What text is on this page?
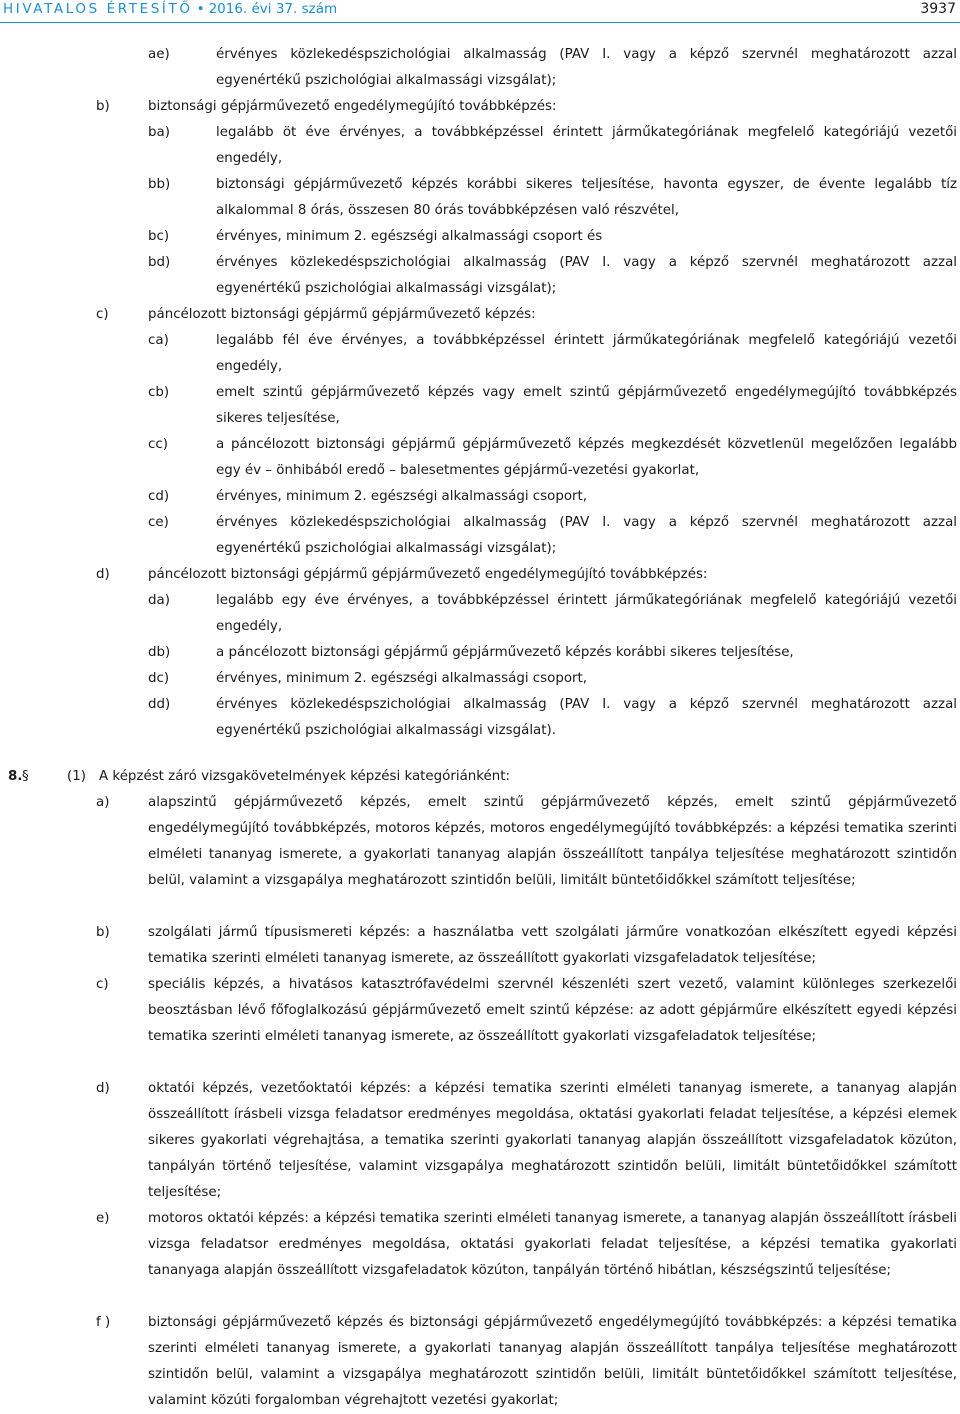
HIVATALOS ÉRTESÍTŐ • 2016. évi 37. szám	3937
ae)	érvényes közlekedéspszichológiai alkalmasság (PAV I. vagy a képző szervnél meghatározott azzal egyenértékű pszichológiai alkalmassági vizsgálat);

b)	biztonsági gépjárművezető engedélymegújító továbbképzés:

ba)	legalább öt éve érvényes, a továbbképzéssel érintett járműkategóriának megfelelő kategóriájú vezetői engedély,

bb)	biztonsági gépjárművezető képzés korábbi sikeres teljesítése, havonta egyszer, de évente legalább tíz alkalommal 8 órás, összesen 80 órás továbbképzésen való részvétel,

bc)	érvényes, minimum 2. egészségi alkalmassági csoport és

bd)	érvényes közlekedéspszichológiai alkalmasság (PAV I. vagy a képző szervnél meghatározott azzal egyenértékű pszichológiai alkalmassági vizsgálat);

c)	páncélozott biztonsági gépjármű gépjárművezető képzés:

ca)	legalább fél éve érvényes, a továbbképzéssel érintett járműkategóriának megfelelő kategóriájú vezetői engedély,

cb)	emelt szintű gépjárművezető képzés vagy emelt szintű gépjárművezető engedélymegújító továbbképzés sikeres teljesítése,

cc)	a páncélozott biztonsági gépjármű gépjárművezető képzés megkezdését közvetlenül megelőzően legalább egy év – önhibából eredő – balesetmentes gépjármű-vezetési gyakorlat,

cd)	érvényes, minimum 2. egészségi alkalmassági csoport,

ce)	érvényes közlekedéspszichológiai alkalmasság (PAV I. vagy a képző szervnél meghatározott azzal egyenértékű pszichológiai alkalmassági vizsgálat);

d)	páncélozott biztonsági gépjármű gépjárművezető engedélymegújító továbbképzés:

da)	legalább egy éve érvényes, a továbbképzéssel érintett járműkategóriának megfelelő kategóriájú vezetői engedély,

db)	a páncélozott biztonsági gépjármű gépjárművezető képzés korábbi sikeres teljesítése,

dc)	érvényes, minimum 2. egészségi alkalmassági csoport,

dd)	érvényes közlekedéspszichológiai alkalmasság (PAV I. vagy a képző szervnél meghatározott azzal egyenértékű pszichológiai alkalmassági vizsgálat).

8. §	(1) A képzést záró vizsgakövetelmények képzési kategóriánként:
a)	alapszintű gépjárművezető képzés, emelt szintű gépjárművezető képzés, emelt szintű gépjárművezető engedélymegújító továbbképzés, motoros képzés, motoros engedélymegújító továbbképzés: a képzési tematika szerinti elméleti tananyag ismerete, a gyakorlati tananyag alapján összeállított tanpálya teljesítése meghatározott szintidőn belül, valamint a vizsgapálya meghatározott szintidőn belüli, limitált büntetőidőkkel számított teljesítése;

b)	szolgálati jármű típusismereti képzés: a használatba vett szolgálati járműre vonatkozóan elkészített egyedi képzési tematika szerinti elméleti tananyag ismerete, az összeállított gyakorlati vizsgafeladatok teljesítése;

c)	speciális képzés, a hivatásos katasztrófavédelmi szervnél készenléti szert vezető, valamint különleges szerkezelői beosztásban lévő főfoglalkozású gépjárművezető emelt szintű képzése: az adott gépjárműre elkészített egyedi képzési tematika szerinti elméleti tananyag ismerete, az összeállított gyakorlati vizsgafeladatok teljesítése;

d)	oktatói képzés, vezetőoktatói képzés: a képzési tematika szerinti elméleti tananyag ismerete, a tananyag alapján összeállított írásbeli vizsga feladatsor eredményes megoldása, oktatási gyakorlati feladat teljesítése, a képzési elemek sikeres gyakorlati végrehajtása, a tematika szerinti gyakorlati tananyag alapján összeállított vizsgafeladatok közúton, tanpályán történő teljesítése, valamint vizsgapálya meghatározott szintidőn belüli, limitált büntetőidőkkel számított teljesítése;

e)	motoros oktatói képzés: a képzési tematika szerinti elméleti tananyag ismerete, a tananyag alapján összeállított írásbeli vizsga feladatsor eredményes megoldása, oktatási gyakorlati feladat teljesítése, a képzési tematika gyakorlati tananyaga alapján összeállított vizsgafeladatok közúton, tanpályán történő hibátlan, készségszintű teljesítése;

f )	biztonsági gépjárművezető képzés és biztonsági gépjárművezető engedélymegújító továbbképzés: a képzési tematika szerinti elméleti tananyag ismerete, a gyakorlati tananyag alapján összeállított tanpálya teljesítése meghatározott szintidőn belül, valamint a vizsgapálya meghatározott szintidőn belüli, limitált büntetőidőkkel számított teljesítése, valamint közúti forgalomban végrehajtott vezetési gyakorlat;
